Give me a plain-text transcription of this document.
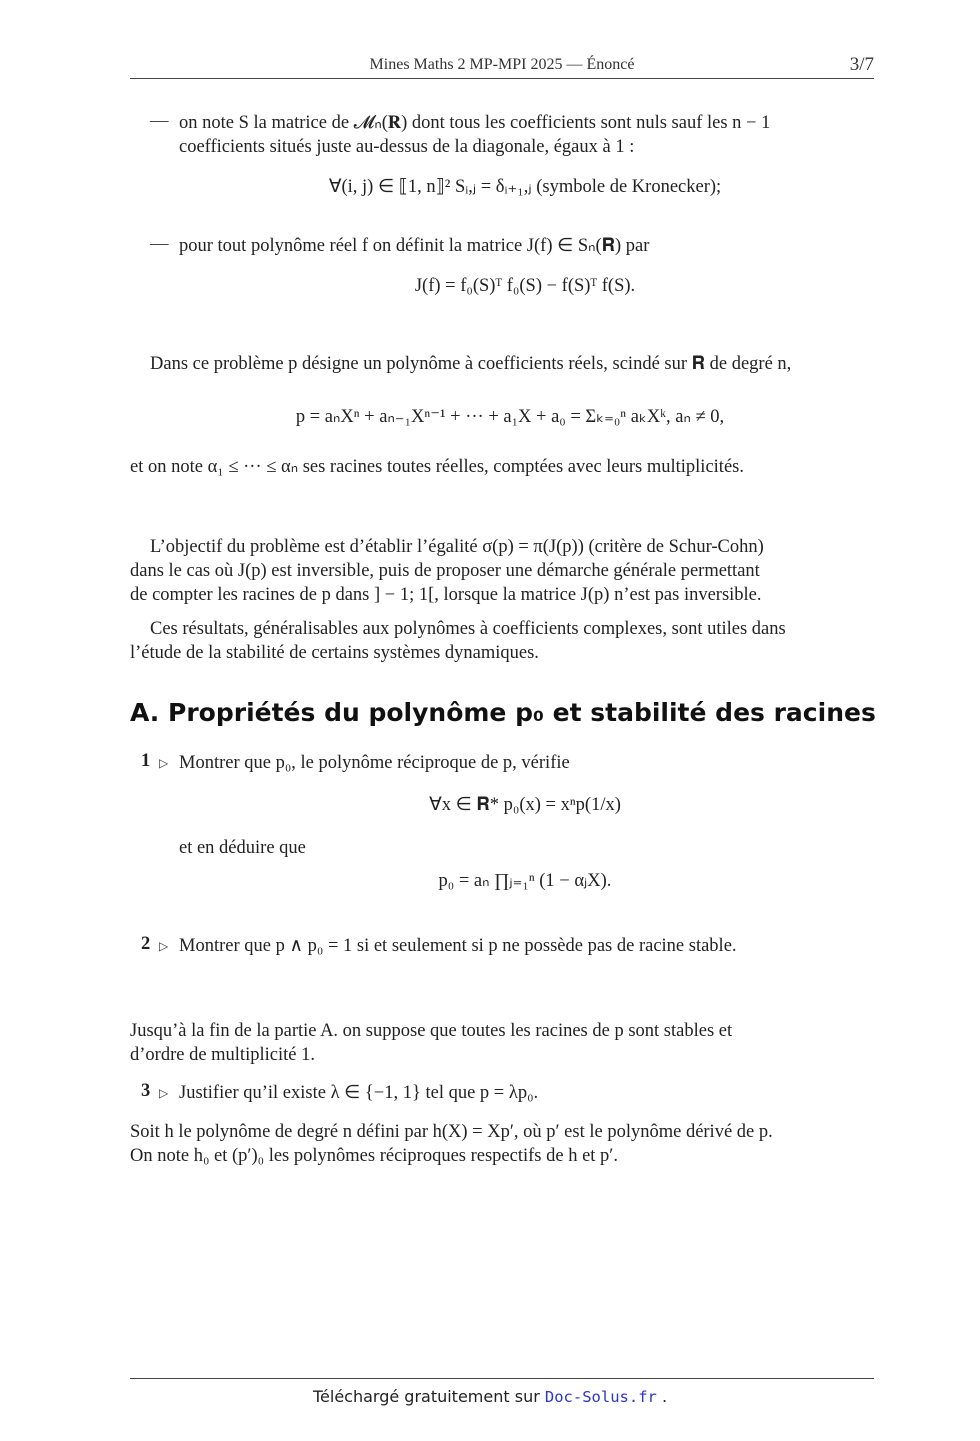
Mines Maths 2 MP-MPI 2025 — Énoncé	3/7
— on note S la matrice de 𝓜ₙ(𝐑) dont tous les coefficients sont nuls sauf les n − 1
coefficients situés juste au-dessus de la diagonale, égaux à 1 :
∀(i, j) ∈ ⟦1, n⟧² Sᵢ,ⱼ = δᵢ₊₁,ⱼ (symbole de Kronecker);
— pour tout polynôme réel f on définit la matrice J(f) ∈ Sₙ(𝐑) par
J(f) = f₀(S)ᵀ f₀(S) − f(S)ᵀ f(S).
Dans ce problème p désigne un polynôme à coefficients réels, scindé sur 𝐑 de degré n,
p = aₙXⁿ + aₙ₋₁Xⁿ⁻¹ + ··· + a₁X + a₀ = Σₖ₌₀ⁿ aₖXᵏ, aₙ ≠ 0,
et on note α₁ ≤ ··· ≤ αₙ ses racines toutes réelles, comptées avec leurs multiplicités.
L’objectif du problème est d’établir l’égalité σ(p) = π(J(p)) (critère de Schur-Cohn)
dans le cas où J(p) est inversible, puis de proposer une démarche générale permettant
de compter les racines de p dans ] − 1; 1[, lorsque la matrice J(p) n’est pas inversible.
Ces résultats, généralisables aux polynômes à coefficients complexes, sont utiles dans
l’étude de la stabilité de certains systèmes dynamiques.
A. Propriétés du polynôme p₀ et stabilité des racines
1 ▷ Montrer que p₀, le polynôme réciproque de p, vérifie
∀x ∈ 𝐑* p₀(x) = xⁿp(1/x)
et en déduire que
p₀ = aₙ ∏ⱼ₌₁ⁿ (1 − αⱼX).
2 ▷ Montrer que p ∧ p₀ = 1 si et seulement si p ne possède pas de racine stable.
Jusqu’à la fin de la partie A. on suppose que toutes les racines de p sont stables et
d’ordre de multiplicité 1.
3 ▷ Justifier qu’il existe λ ∈ {−1, 1} tel que p = λp₀.
Soit h le polynôme de degré n défini par h(X) = Xp′, où p′ est le polynôme dérivé de p.
On note h₀ et (p′)₀ les polynômes réciproques respectifs de h et p′.
Téléchargé gratuitement sur Doc-Solus.fr .
